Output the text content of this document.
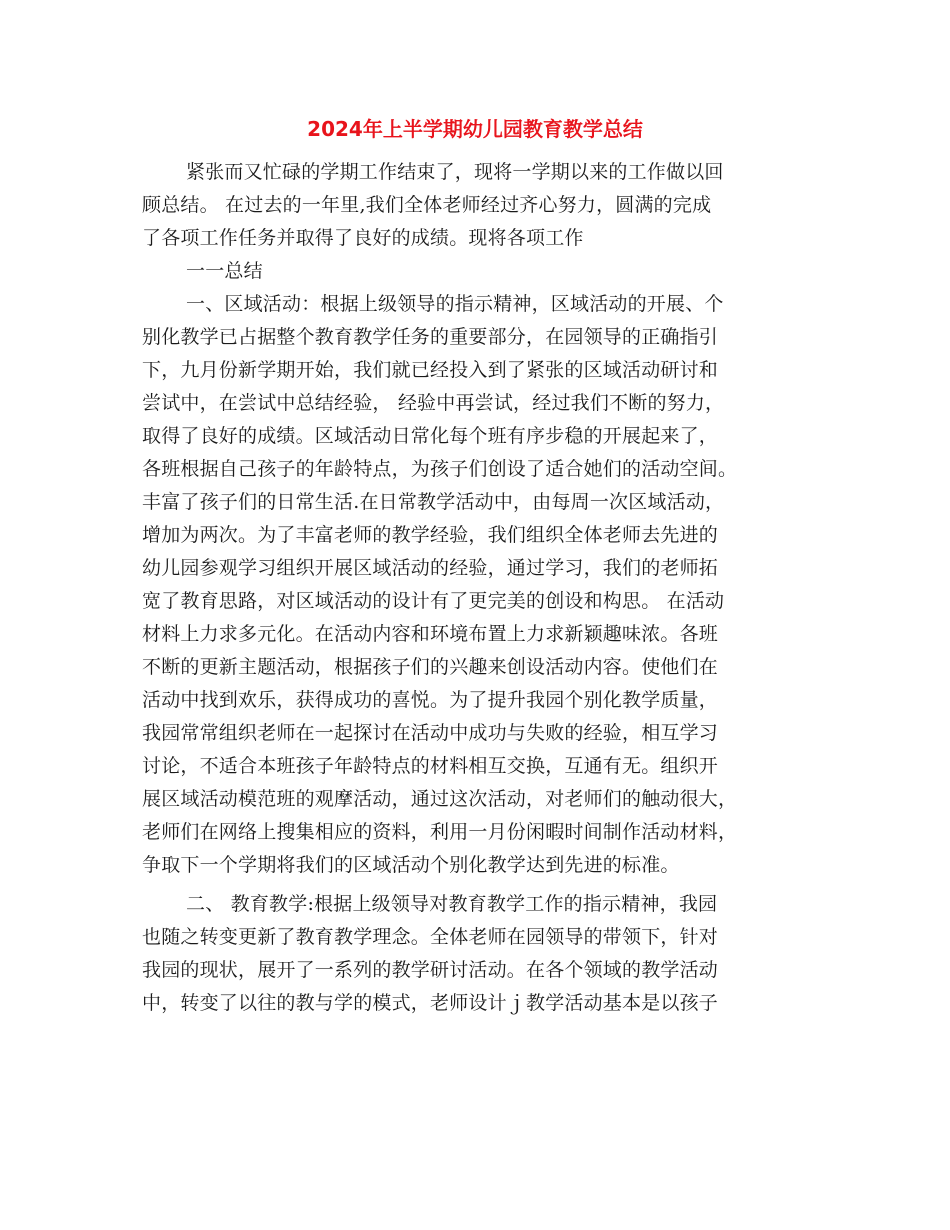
2024年上半学期幼儿园教育教学总结
紧张而又忙碌的学期工作结束了，现将一学期以来的工作做以回
顾总结。 在过去的一年里,我们全体老师经过齐心努力，圆满的完成
了各项工作任务并取得了良好的成绩。现将各项工作
一一总结
一、区域活动：根据上级领导的指示精神，区域活动的开展、个
别化教学已占据整个教育教学任务的重要部分，在园领导的正确指引
下，九月份新学期开始，我们就已经投入到了紧张的区域活动研讨和
尝试中，在尝试中总结经验， 经验中再尝试，经过我们不断的努力，
取得了良好的成绩。区域活动日常化每个班有序步稳的开展起来了，
各班根据自己孩子的年龄特点，为孩子们创设了适合她们的活动空间。
丰富了孩子们的日常生活.在日常教学活动中，由每周一次区域活动，
增加为两次。为了丰富老师的教学经验，我们组织全体老师去先进的
幼儿园参观学习组织开展区域活动的经验，通过学习，我们的老师拓
宽了教育思路，对区域活动的设计有了更完美的创设和构思。 在活动
材料上力求多元化。在活动内容和环境布置上力求新颖趣味浓。各班
不断的更新主题活动，根据孩子们的兴趣来创设活动内容。使他们在
活动中找到欢乐，获得成功的喜悦。为了提升我园个别化教学质量，
我园常常组织老师在一起探讨在活动中成功与失败的经验，相互学习
讨论，不适合本班孩子年龄特点的材料相互交换，互通有无。组织开
展区域活动模范班的观摩活动，通过这次活动，对老师们的触动很大，
老师们在网络上搜集相应的资料，利用一月份闲暇时间制作活动材料，
争取下一个学期将我们的区域活动个别化教学达到先进的标准。
二、 教育教学:根据上级领导对教育教学工作的指示精神，我园
也随之转变更新了教育教学理念。全体老师在园领导的带领下，针对
我园的现状，展开了一系列的教学研讨活动。在各个领域的教学活动
中，转变了以往的教与学的模式，老师设计ｊ教学活动基本是以孩子
